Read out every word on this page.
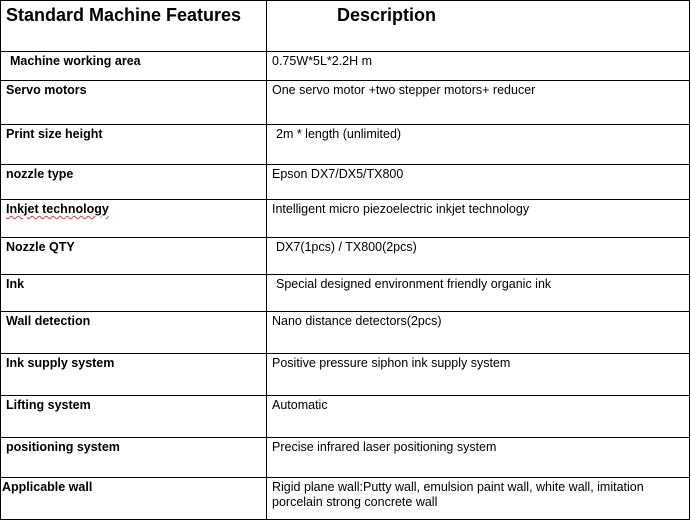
Standard Machine Features	Description
Machine working area	0.75W*5L*2.2H m
Servo motors	One servo motor +two stepper motors+ reducer
Print size height	2m * length (unlimited)
nozzle type	Epson DX7/DX5/TX800
Inkjet technology	Intelligent micro piezoelectric inkjet technology
Nozzle QTY	DX7(1pcs) / TX800(2pcs)
Ink	Special designed environment friendly organic ink
Wall detection	Nano distance detectors(2pcs)
Ink supply system	Positive pressure siphon ink supply system
Lifting system	Automatic
positioning system	Precise infrared laser positioning system
Applicable wall	Rigid plane wall:Putty wall, emulsion paint wall, white wall, imitation porcelain strong concrete wall
